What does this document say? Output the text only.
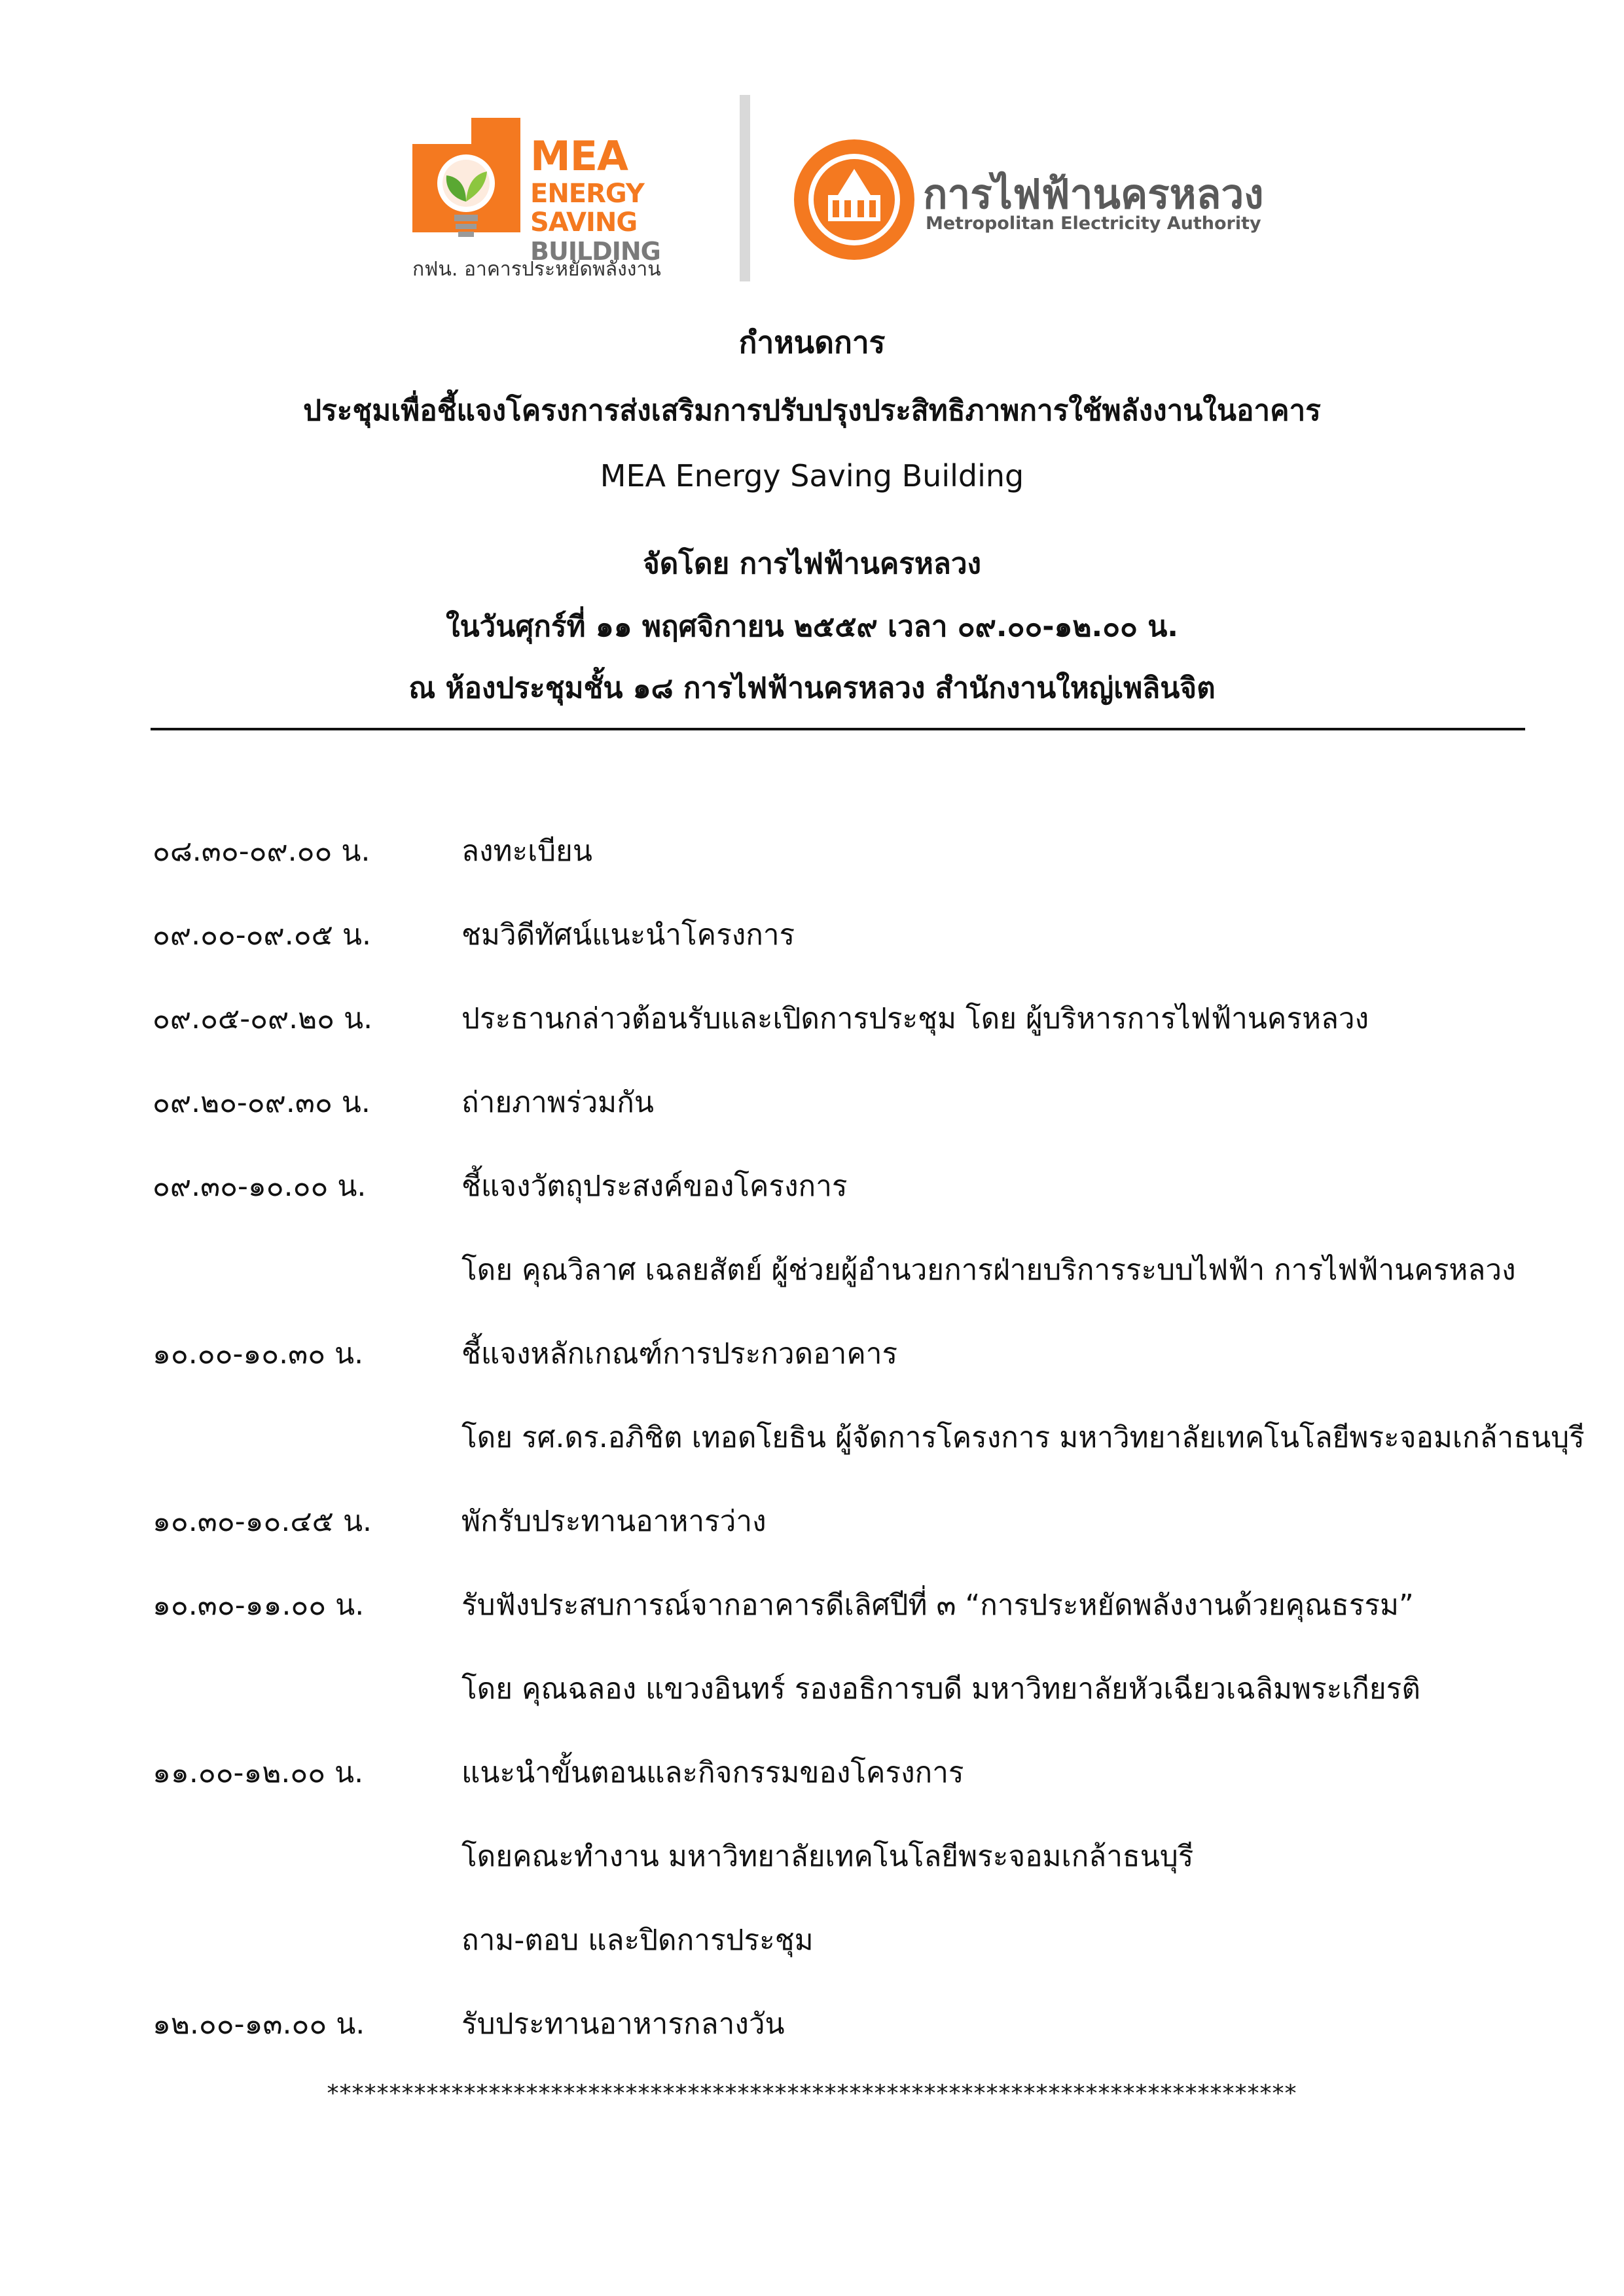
MEA
ENERGY
SAVING
BUILDING
กฟน. อาคารประหยัดพลังงาน
การไฟฟ้านครหลวง
Metropolitan Electricity Authority
กำหนดการ
ประชุมเพื่อชี้แจงโครงการส่งเสริมการปรับปรุงประสิทธิภาพการใช้พลังงานในอาคาร
MEA Energy Saving Building
จัดโดย การไฟฟ้านครหลวง
ในวันศุกร์ที่ ๑๑ พฤศจิกายน ๒๕๕๙ เวลา ๐๙.๐๐-๑๒.๐๐ น.
ณ ห้องประชุมชั้น ๑๘ การไฟฟ้านครหลวง สำนักงานใหญ่เพลินจิต
๐๘.๓๐-๐๙.๐๐ น.	ลงทะเบียน
๐๙.๐๐-๐๙.๐๕ น.	ชมวิดีทัศน์แนะนำโครงการ
๐๙.๐๕-๐๙.๒๐ น.	ประธานกล่าวต้อนรับและเปิดการประชุม โดย ผู้บริหารการไฟฟ้านครหลวง
๐๙.๒๐-๐๙.๓๐ น.	ถ่ายภาพร่วมกัน
๐๙.๓๐-๑๐.๐๐ น.	ชี้แจงวัตถุประสงค์ของโครงการ
โดย คุณวิลาศ เฉลยสัตย์ ผู้ช่วยผู้อำนวยการฝ่ายบริการระบบไฟฟ้า การไฟฟ้านครหลวง
๑๐.๐๐-๑๐.๓๐ น.	ชี้แจงหลักเกณฑ์การประกวดอาคาร
โดย รศ.ดร.อภิชิต เทอดโยธิน ผู้จัดการโครงการ มหาวิทยาลัยเทคโนโลยีพระจอมเกล้าธนบุรี
๑๐.๓๐-๑๐.๔๕ น.	พักรับประทานอาหารว่าง
๑๐.๓๐-๑๑.๐๐ น.	รับฟังประสบการณ์จากอาคารดีเลิศปีที่ ๓ “การประหยัดพลังงานด้วยคุณธรรม”
โดย คุณฉลอง แขวงอินทร์ รองอธิการบดี มหาวิทยาลัยหัวเฉียวเฉลิมพระเกียรติ
๑๑.๐๐-๑๒.๐๐ น.	แนะนำขั้นตอนและกิจกรรมของโครงการ
โดยคณะทำงาน มหาวิทยาลัยเทคโนโลยีพระจอมเกล้าธนบุรี
ถาม-ตอบ และปิดการประชุม
๑๒.๐๐-๑๓.๐๐ น.	รับประทานอาหารกลางวัน
******************************************************************************
